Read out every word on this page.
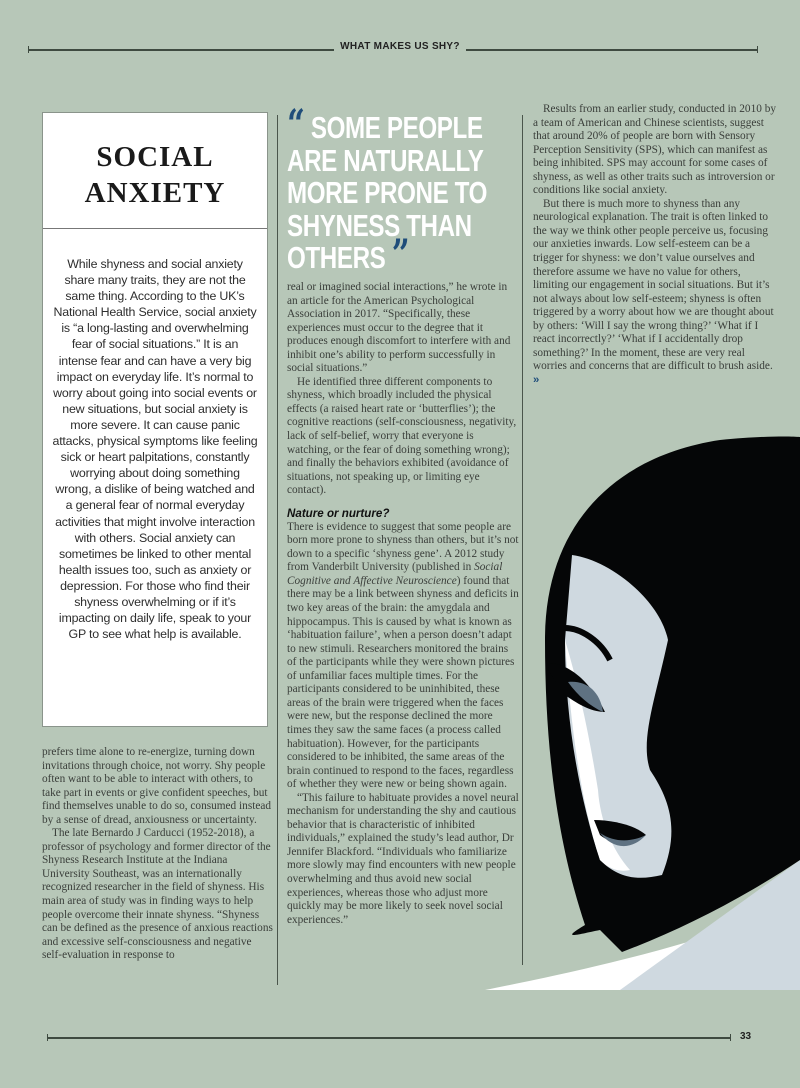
WHAT MAKES US SHY?
SOCIAL
ANXIETY

While shyness and social anxiety share many traits, they are not the same thing. According to the UK’s National Health Service, social anxiety is “a long-lasting and overwhelming fear of social situations.” It is an intense fear and can have a very big impact on everyday life. It’s normal to worry about going into social events or new situations, but social anxiety is more severe. It can cause panic attacks, physical symptoms like feeling sick or heart palpitations, constantly worrying about doing something wrong, a dislike of being watched and a general fear of normal everyday activities that might involve interaction with others. Social anxiety can sometimes be linked to other mental health issues too, such as anxiety or depression. For those who find their shyness overwhelming or if it’s impacting on daily life, speak to your GP to see what help is available.

“ SOME PEOPLE ARE NATURALLY MORE PRONE TO SHYNESS THAN OTHERS ”

prefers time alone to re-energize, turning down invitations through choice, not worry. Shy people often want to be able to interact with others, to take part in events or give confident speeches, but find themselves unable to do so, consumed instead by a sense of dread, anxiousness or uncertainty.

The late Bernardo J Carducci (1952-2018), a professor of psychology and former director of the Shyness Research Institute at the Indiana University Southeast, was an internationally recognized researcher in the field of shyness. His main area of study was in finding ways to help people overcome their innate shyness. “Shyness can be defined as the presence of anxious reactions and excessive self-consciousness and negative self-evaluation in response to

real or imagined social interactions,” he wrote in an article for the American Psychological Association in 2017. “Specifically, these experiences must occur to the degree that it produces enough discomfort to interfere with and inhibit one’s ability to perform successfully in social situations.”

He identified three different components to shyness, which broadly included the physical effects (a raised heart rate or ‘butterflies’); the cognitive reactions (self-consciousness, negativity, lack of self-belief, worry that everyone is watching, or the fear of doing something wrong); and finally the behaviors exhibited (avoidance of situations, not speaking up, or limiting eye contact).

Nature or nurture?

There is evidence to suggest that some people are born more prone to shyness than others, but it’s not down to a specific ‘shyness gene’. A 2012 study from Vanderbilt University (published in Social Cognitive and Affective Neuroscience) found that there may be a link between shyness and deficits in two key areas of the brain: the amygdala and hippocampus. This is caused by what is known as ‘habituation failure’, when a person doesn’t adapt to new stimuli. Researchers monitored the brains of the participants while they were shown pictures of unfamiliar faces multiple times. For the participants considered to be uninhibited, these areas of the brain were triggered when the faces were new, but the response declined the more times they saw the same faces (a process called habituation). However, for the participants considered to be inhibited, the same areas of the brain continued to respond to the faces, regardless of whether they were new or being shown again.

“This failure to habituate provides a novel neural mechanism for understanding the shy and cautious behavior that is characteristic of inhibited individuals,” explained the study’s lead author, Dr Jennifer Blackford. “Individuals who familiarize more slowly may find encounters with new people overwhelming and thus avoid new social experiences, whereas those who adjust more quickly may be more likely to seek novel social experiences.”

Results from an earlier study, conducted in 2010 by a team of American and Chinese scientists, suggest that around 20% of people are born with Sensory Perception Sensitivity (SPS), which can manifest as being inhibited. SPS may account for some cases of shyness, as well as other traits such as introversion or conditions like social anxiety.

But there is much more to shyness than any neurological explanation. The trait is often linked to the way we think other people perceive us, focusing our anxieties inwards. Low self-esteem can be a trigger for shyness: we don’t value ourselves and therefore assume we have no value for others, limiting our engagement in social situations. But it’s not always about low self-esteem; shyness is often triggered by a worry about how we are thought about by others: ‘Will I say the wrong thing?’ ‘What if I react incorrectly?’ ‘What if I accidentally drop something?’ In the moment, these are very real worries and concerns that are difficult to brush aside. »

33
